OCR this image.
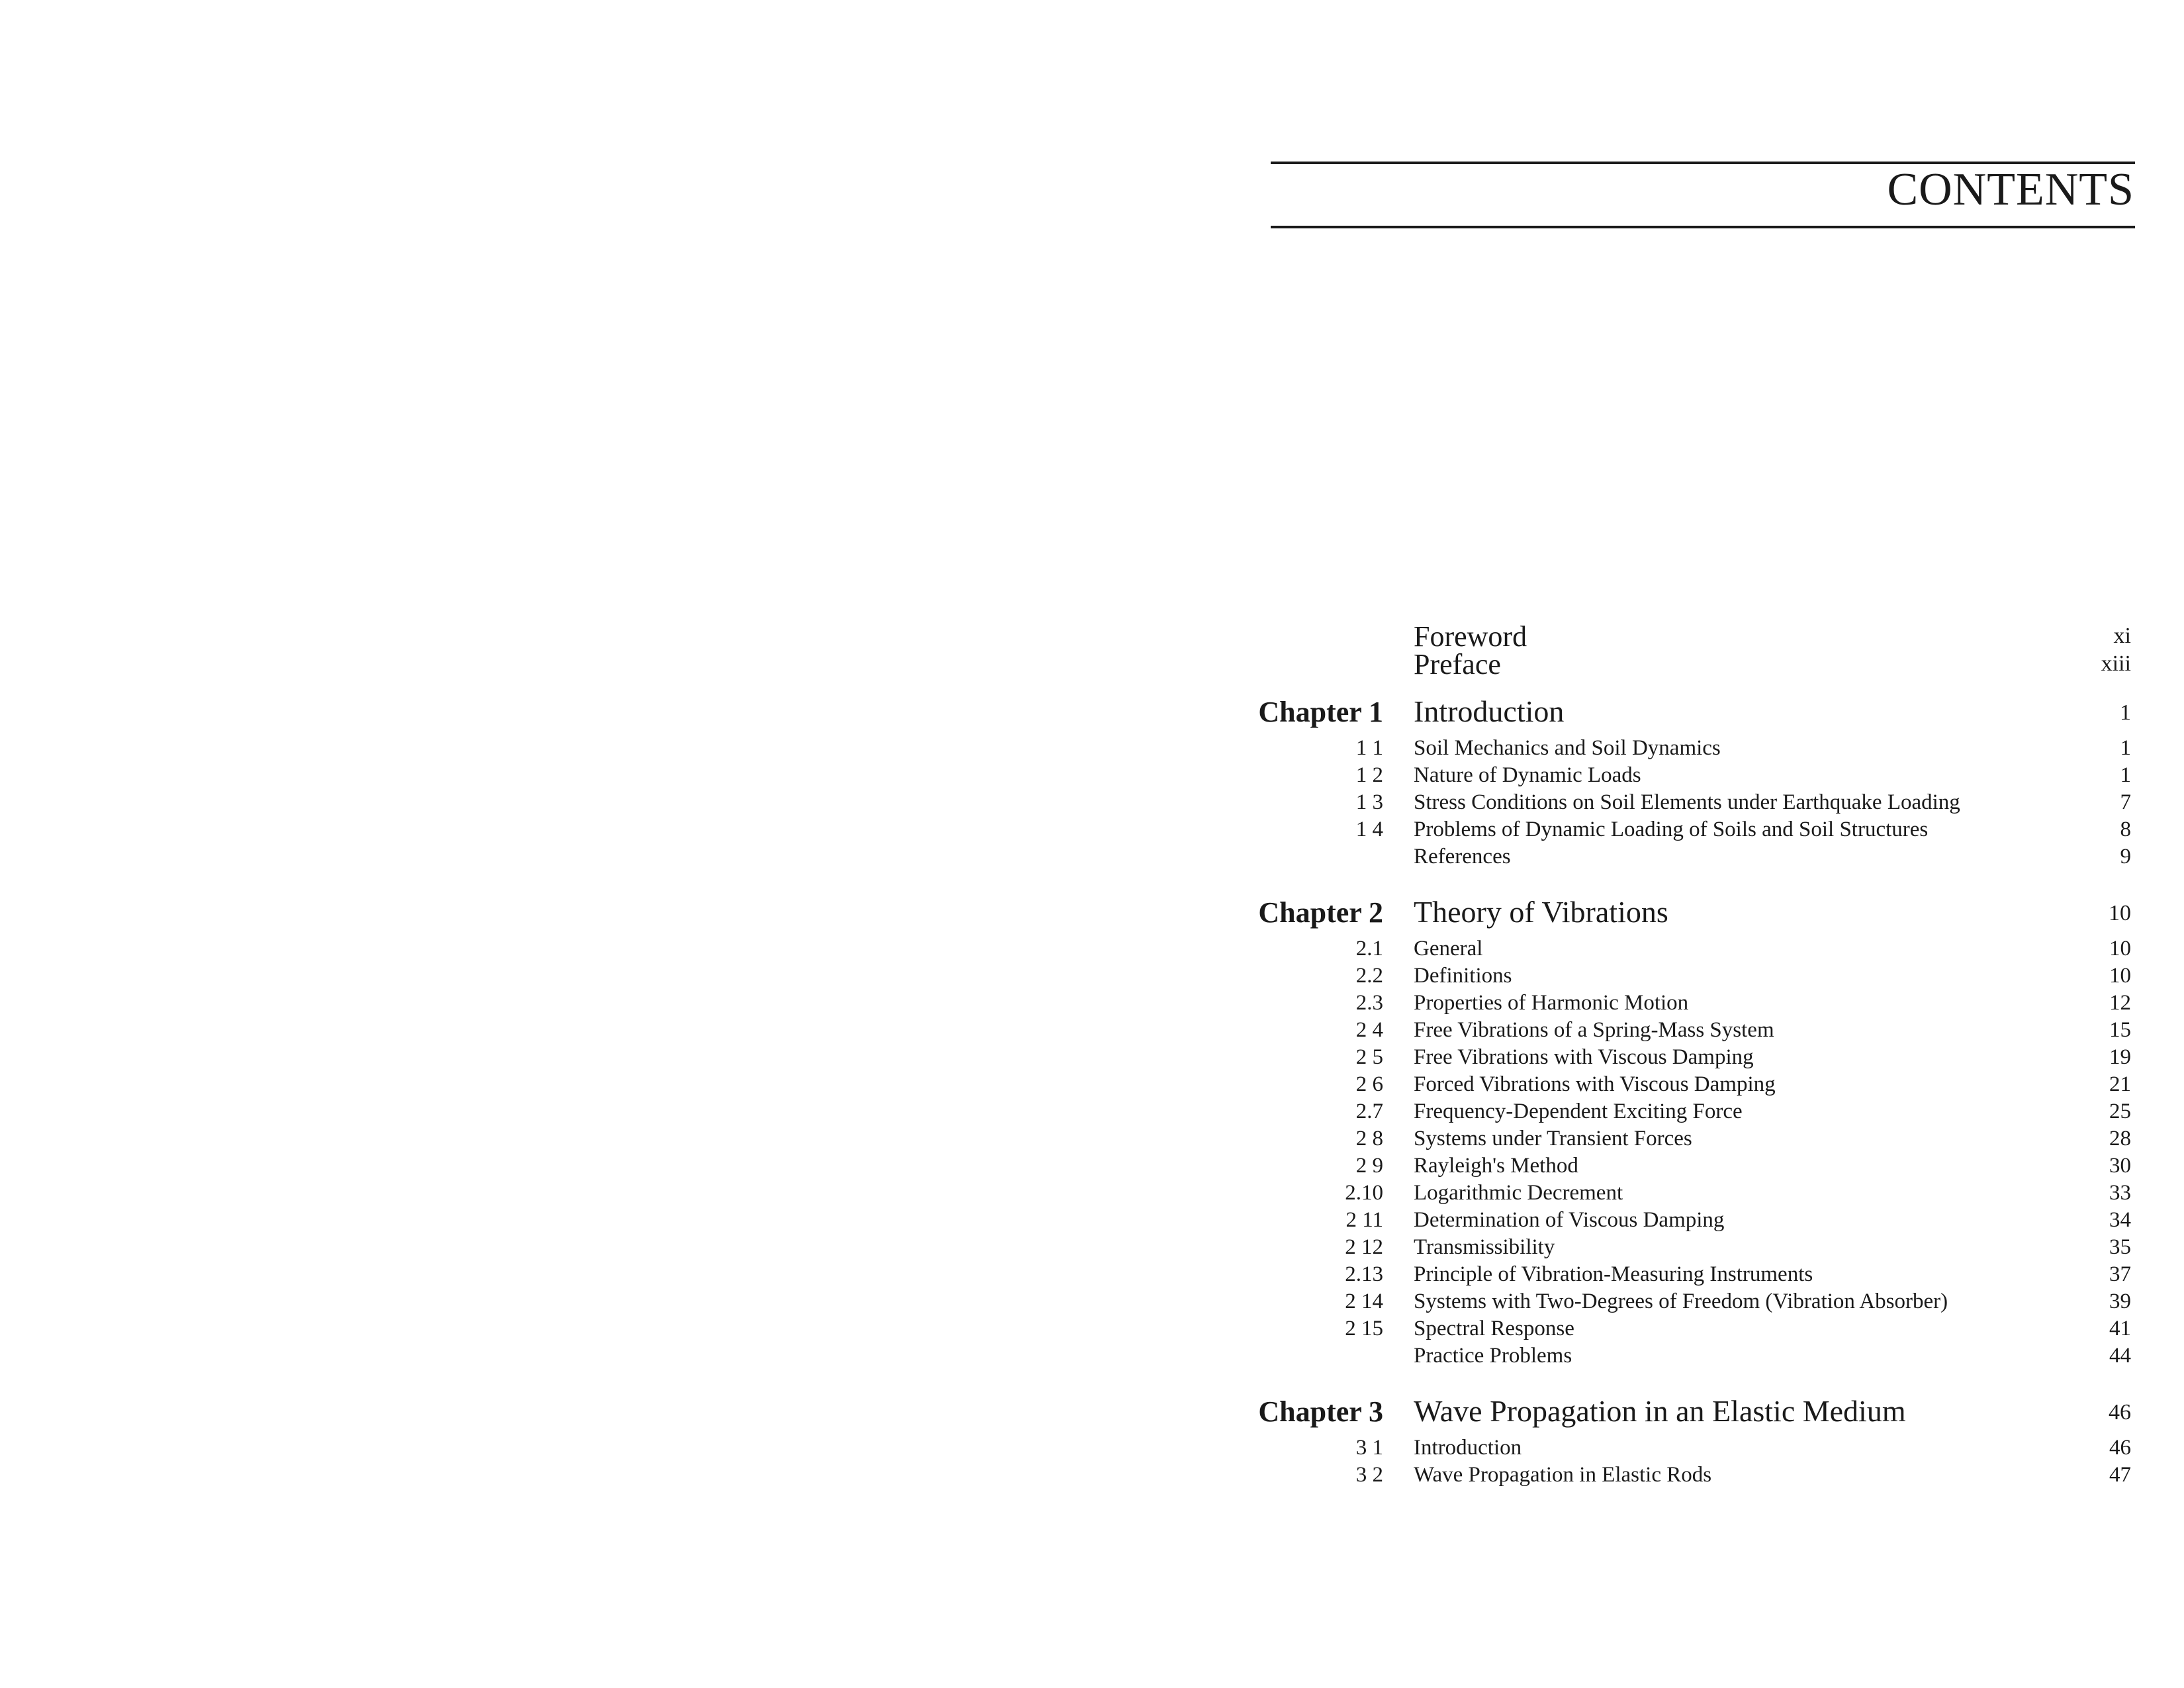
CONTENTS
Foreword	xi
Preface	xiii
Chapter 1 Introduction	1
1 1 Soil Mechanics and Soil Dynamics	1
1 2 Nature of Dynamic Loads	1
1 3 Stress Conditions on Soil Elements under Earthquake Loading	7
1 4 Problems of Dynamic Loading of Soils and Soil Structures	8
References	9
Chapter 2 Theory of Vibrations	10
2.1 General	10
2.2 Definitions	10
2.3 Properties of Harmonic Motion	12
2 4 Free Vibrations of a Spring-Mass System	15
2 5 Free Vibrations with Viscous Damping	19
2 6 Forced Vibrations with Viscous Damping	21
2.7 Frequency-Dependent Exciting Force	25
2 8 Systems under Transient Forces	28
2 9 Rayleigh's Method	30
2.10 Logarithmic Decrement	33
2 11 Determination of Viscous Damping	34
2 12 Transmissibility	35
2.13 Principle of Vibration-Measuring Instruments	37
2 14 Systems with Two-Degrees of Freedom (Vibration Absorber)	39
2 15 Spectral Response	41
Practice Problems	44
Chapter 3 Wave Propagation in an Elastic Medium	46
3 1 Introduction	46
3 2 Wave Propagation in Elastic Rods	47
